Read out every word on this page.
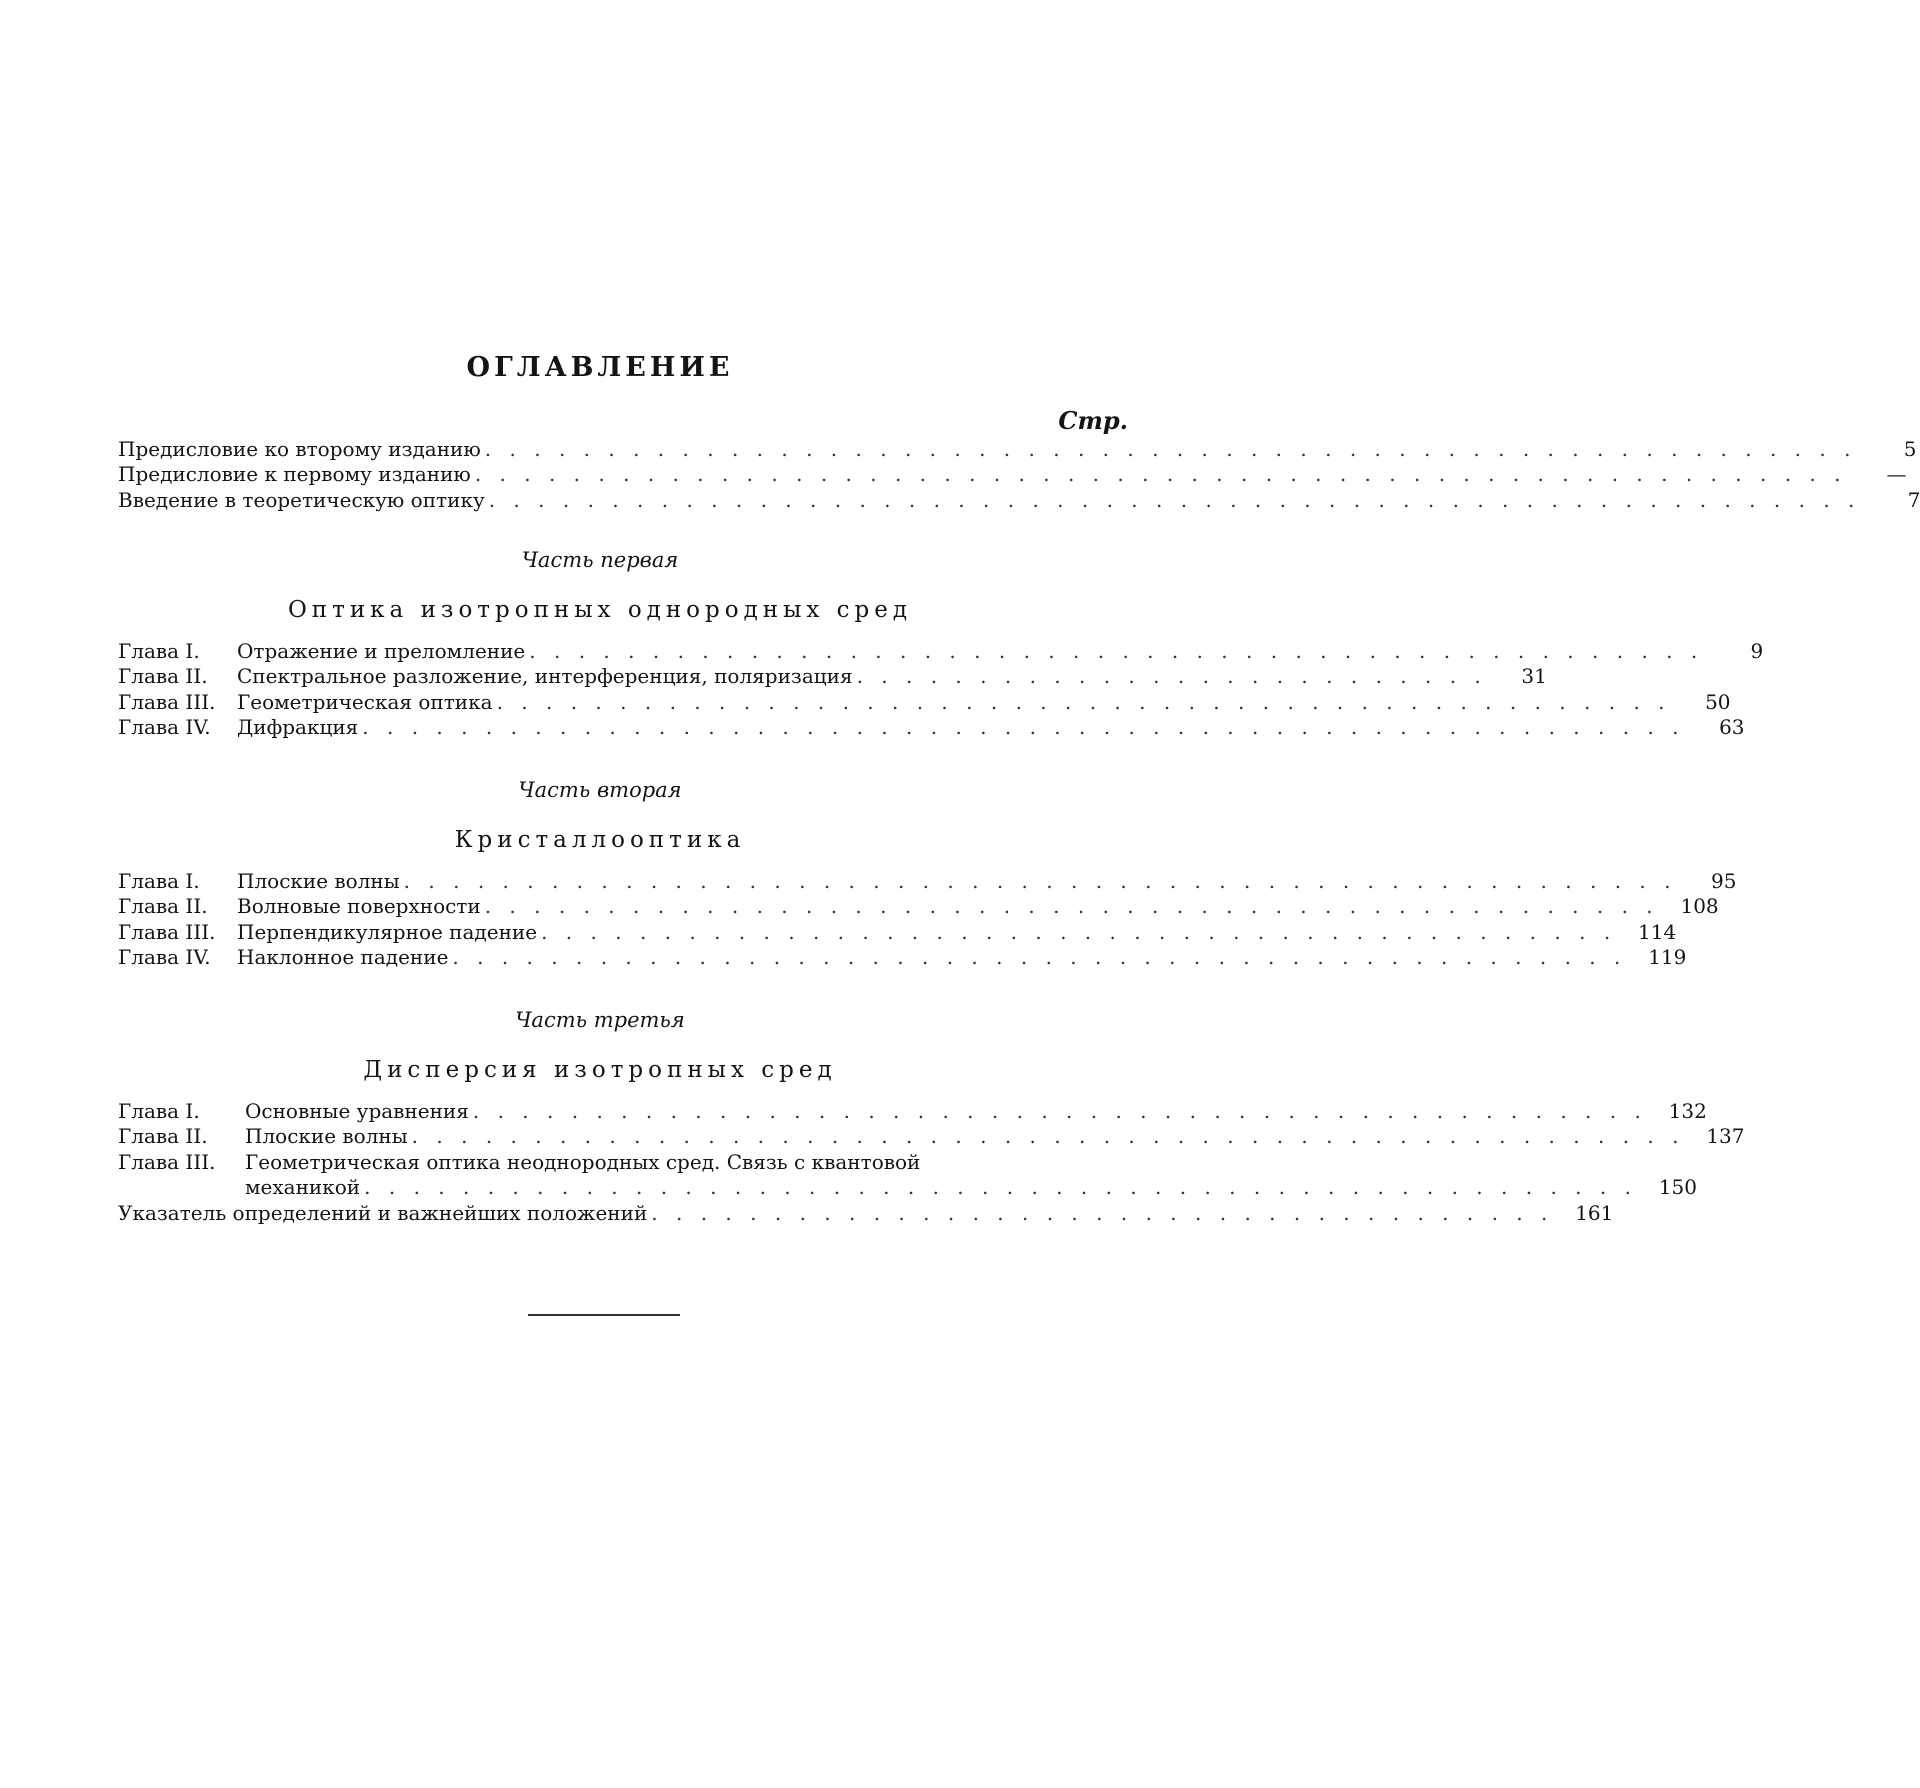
ОГЛАВЛЕНИЕ
Стр.
Предисловие ко второму изданию . . . . . . . . . . . . . . . . . . . . . . . . . . . . . . . . . . . . . . . . . . . . . . . . . . . . . . . .	5
Предисловие к первому изданию . . . . . . . . . . . . . . . . . . . . . . . . . . . . . . . . . . . . . . . . . . . . . . . . . . . . . . . .	—
Введение в теоретическую оптику . . . . . . . . . . . . . . . . . . . . . . . . . . . . . . . . . . . . . . . . . . . . . . . . . . . . . . . .	7
Часть первая
Оптика изотропных однородных сред
Глава I.	Отражение и преломление . . . . . . . . . . . . . . . . . . . . . . . . . . . . . . . . . . . . . . . . . . . . . . . .	9
Глава II.	Спектральное разложение, интерференция, поляризация . . . . . . . . . . . . . . . . . . . . . . . . . .	31
Глава III.	Геометрическая оптика . . . . . . . . . . . . . . . . . . . . . . . . . . . . . . . . . . . . . . . . . . . . . . . .	50
Глава IV.	Дифракция . . . . . . . . . . . . . . . . . . . . . . . . . . . . . . . . . . . . . . . . . . . . . . . . . . . . . .	63
Часть вторая
Кристаллооптика
Глава I.	Плоские волны . . . . . . . . . . . . . . . . . . . . . . . . . . . . . . . . . . . . . . . . . . . . . . . . . . . .	95
Глава II.	Волновые поверхности . . . . . . . . . . . . . . . . . . . . . . . . . . . . . . . . . . . . . . . . . . . . . . . .	108
Глава III.	Перпендикулярное падение . . . . . . . . . . . . . . . . . . . . . . . . . . . . . . . . . . . . . . . . . . . .	114
Глава IV.	Наклонное падение . . . . . . . . . . . . . . . . . . . . . . . . . . . . . . . . . . . . . . . . . . . . . . . .	119
Часть третья
Дисперсия изотропных сред
Глава I.	Основные уравнения . . . . . . . . . . . . . . . . . . . . . . . . . . . . . . . . . . . . . . . . . . . . . . . .	132
Глава II.	Плоские волны . . . . . . . . . . . . . . . . . . . . . . . . . . . . . . . . . . . . . . . . . . . . . . . . . . . .	137
Глава III.	Геометрическая оптика неоднородных сред. Связь с квантовой
механикой . . . . . . . . . . . . . . . . . . . . . . . . . . . . . . . . . . . . . . . . . . . . . . . . . . . .	150
Указатель определений и важнейших положений . . . . . . . . . . . . . . . . . . . . . . . . . . . . . . . . . . . . .	161
